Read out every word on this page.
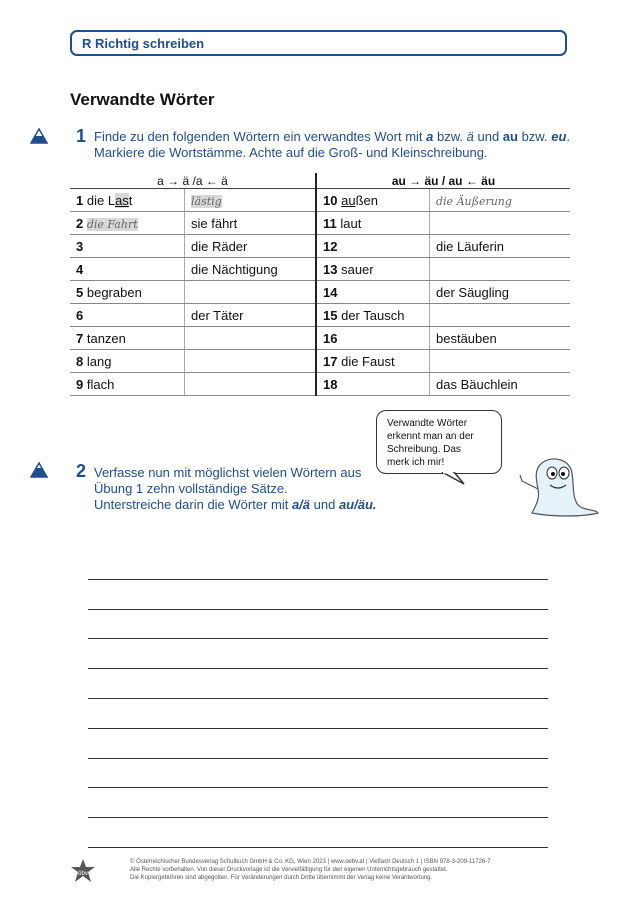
R Richtig schreiben
Verwandte Wörter
1 Finde zu den folgenden Wörtern ein verwandtes Wort mit a bzw. ä und au bzw. eu.
Markiere die Wortstämme. Achte auf die Groß- und Kleinschreibung.
a → ä /a ← ä		au → äu / au ← äu	
1 die Last	lästig	10 außen	die Äußerung
2 die Fahrt	sie fährt	11 laut	
3	die Räder	12	die Läuferin
4	die Nächtigung	13 sauer	
5 begraben		14	der Säugling
6	der Täter	15 der Tausch	
7 tanzen		16	bestäuben
8 lang		17 die Faust	
9 flach		18	das Bäuchlein
Verwandte Wörter
erkennt man an der
Schreibung. Das
merk ich mir!
2 Verfasse nun mit möglichst vielen Wörtern aus
Übung 1 zehn vollständige Sätze.
Unterstreiche darin die Wörter mit a/ä und au/äu.
öbv
© Österreichischer Bundesverlag Schulbuch GmbH & Co. KG, Wien 2023 | www.oebv.at | Vielfach Deutsch 1 | ISBN 978-3-209-11726-7
Alle Rechte vorbehalten. Von dieser Druckvorlage ist die Vervielfältigung für den eigenen Unterrichtsgebrauch gestattet.
Die Kopiergebühren sind abgegolten. Für Veränderungen durch Dritte übernimmt der Verlag keine Verantwortung.
